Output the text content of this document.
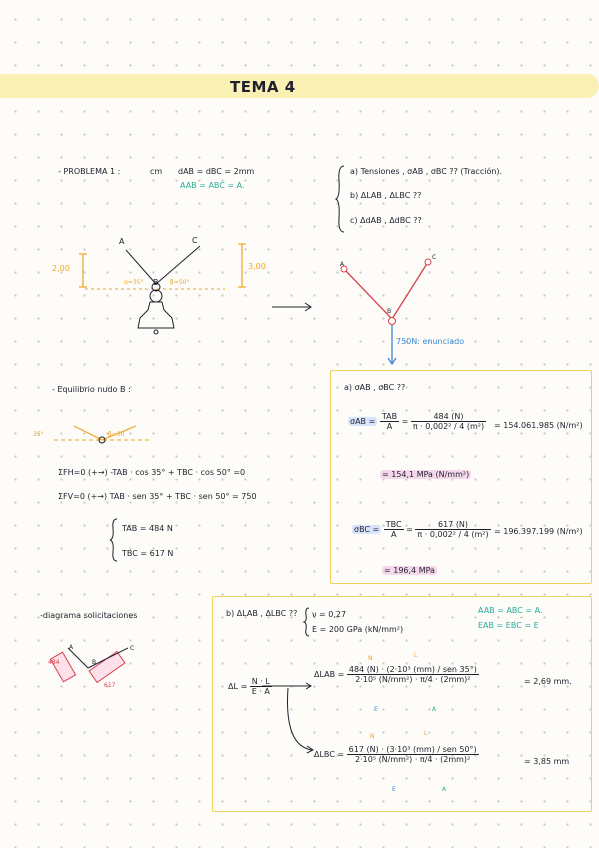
TEMA 4
- PROBLEMA 1 :	cm dAB = dBC = 2mm
AAB = ABC = A.
a) Tensiones , σAB , σBC ?? (Tracción).
b) ΔLAB , ΔLBC ??
c) ΔdAB , ΔdBC ??
A
B
C
2,00	3,00
α=35°	β=50°
A
B
C
750N: enunciado
- Equilibrio nudo B :
35°	β=50
ΣFH=0 (+→) -TAB · cos 35° + TBC · cos 50° =0
ΣFV=0 (+→) TAB · sen 35° + TBC · sen 50° = 750
TAB = 484 N
TBC = 617 N
a) σAB , σBC ??
$\sigma AB = \frac{\text{TAB}}{A} = \frac{484 (N)}{\text{π · 0,002² / 4 (m²)}} = 154.061.985$ (N/m²)
= 154,1 MPa (N/mm²)
$\sigma BC = \frac{\text{TBC}}{A} = \frac{617 (N)}{\text{π · 0,002² / 4 (m²)}} = 196.397.199$ (N/m²)
= 196,4 MPa
-diagrama solicitaciones
484
617
A
B
C
b) ΔLAB , ΔLBC ?? ν = 0,27
E = 200 GPa (kN/mm²)
AAB = ABC = A.
EAB = EBC = E
$\Delta L = \frac{N \cdot L}{E \cdot A}$
N	L
$\Delta LAB = \frac{\text{484 (N) · (2·10³ (mm) / sen 35°)}}{\text{2·10⁵ (N/mm²) · π/4 · (2mm)²}}$	= 2,69 mm.
E	A
N	L
$\Delta LBC = \frac{\text{617 (N) · (3·10³ (mm) / sen 50°)}}{\text{2·10⁵ (N/mm²) · π/4 · (2mm)²}}$	= 3,85 mm
E	A
